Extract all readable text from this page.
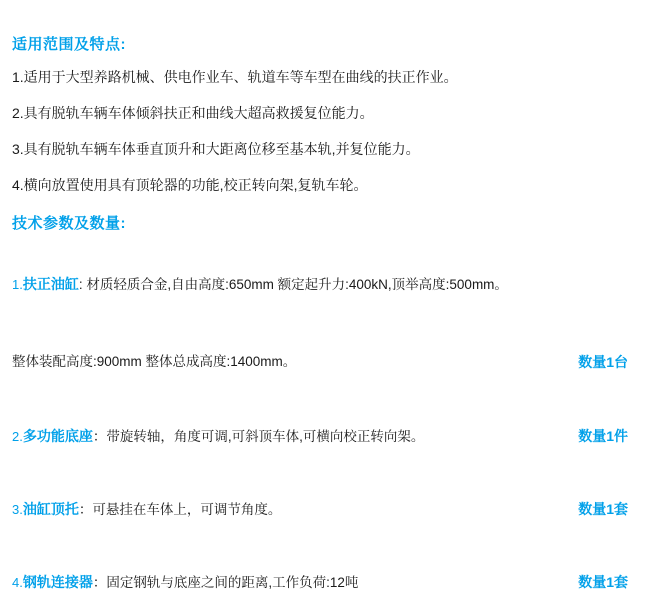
适用范围及特点:
1.适用于大型养路机械、供电作业车、轨道车等车型在曲线的扶正作业。
2.具有脱轨车辆车体倾斜扶正和曲线大超高救援复位能力。
3.具有脱轨车辆车体垂直顶升和大距离位移至基本轨,并复位能力。
4.横向放置使用具有顶轮器的功能,校正转向架,复轨车轮。
技术参数及数量:
1.扶正油缸: 材质轻质合金,自由高度:650mm 额定起升力:400kN,顶举高度:500mm。
整体装配高度:900mm 整体总成高度:1400mm。	数量1台
2.多功能底座：带旋转轴，角度可调,可斜顶车体,可横向校正转向架。	数量1件
3.油缸顶托：可悬挂在车体上，可调节角度。	数量1套
4.钢轨连接器：固定钢轨与底座之间的距离,工作负荷:12吨	数量1套
